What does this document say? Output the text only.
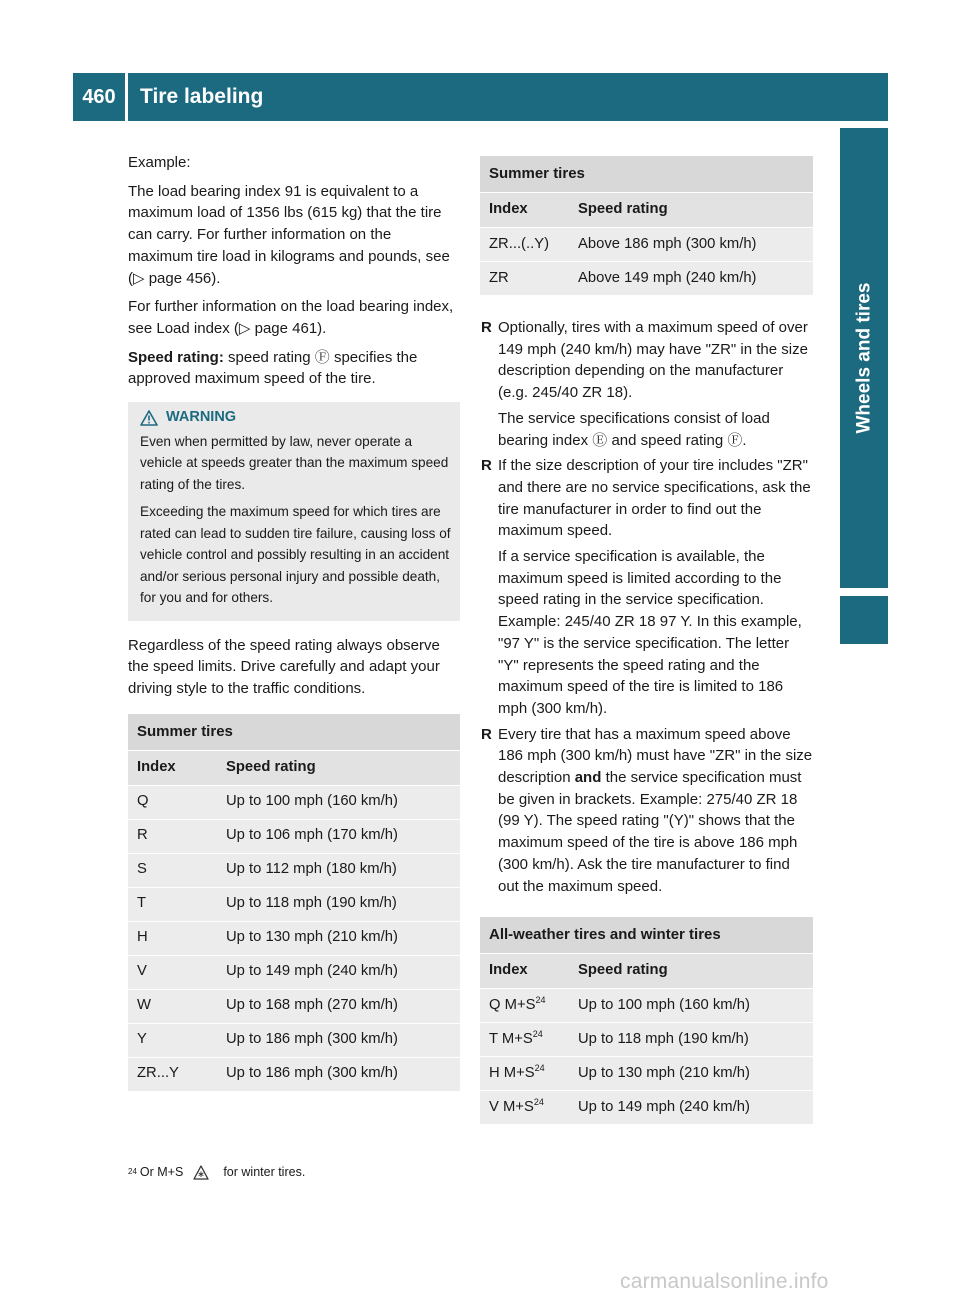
460	Tire labeling
Wheels and tires

Example:

The load bearing index 91 is equivalent to a maximum load of 1356 lbs (615 kg) that the tire can carry. For further information on the maximum tire load in kilograms and pounds, see (▷ page 456).

For further information on the load bearing index, see Load index (▷ page 461).

Speed rating: speed rating Ⓕ specifies the approved maximum speed of the tire.

WARNING

Even when permitted by law, never operate a vehicle at speeds greater than the maximum speed rating of the tires.

Exceeding the maximum speed for which tires are rated can lead to sudden tire failure, causing loss of vehicle control and possibly resulting in an accident and/or serious personal injury and possible death, for you and for others.

Regardless of the speed rating always observe the speed limits. Drive carefully and adapt your driving style to the traffic conditions.

Summer tires	
Index	Speed rating
Q	Up to 100 mph (160 km/h)
R	Up to 106 mph (170 km/h)
S	Up to 112 mph (180 km/h)
T	Up to 118 mph (190 km/h)
H	Up to 130 mph (210 km/h)
V	Up to 149 mph (240 km/h)
W	Up to 168 mph (270 km/h)
Y	Up to 186 mph (300 km/h)
ZR...Y	Up to 186 mph (300 km/h)
Summer tires	
Index	Speed rating
ZR...(..Y)	Above 186 mph (300 km/h)
ZR	Above 149 mph (240 km/h)
R Optionally, tires with a maximum speed of over 149 mph (240 km/h) may have "ZR" in the size description depending on the manufacturer (e.g. 245/40 ZR 18).

The service specifications consist of load bearing index Ⓔ and speed rating Ⓕ.

R If the size description of your tire includes "ZR" and there are no service specifications, ask the tire manufacturer in order to find out the maximum speed.

If a service specification is available, the maximum speed is limited according to the speed rating in the service specification. Example: 245/40 ZR 18 97 Y. In this example, "97 Y" is the service specification. The letter "Y" represents the speed rating and the maximum speed of the tire is limited to 186 mph (300 km/h).

R Every tire that has a maximum speed above 186 mph (300 km/h) must have "ZR" in the size description and the service specification must be given in brackets. Example: 275/40 ZR 18 (99 Y). The speed rating "(Y)" shows that the maximum speed of the tire is above 186 mph (300 km/h). Ask the tire manufacturer to find out the maximum speed.

All-weather tires and winter tires	
Index	Speed rating
Q $M+S^{24}$	Up to 100 mph (160 km/h)
T $M+S^{24}$	Up to 118 mph (190 km/h)
H $M+S^{24}$	Up to 130 mph (210 km/h)
V $M+S^{24}$	Up to 149 mph (240 km/h)
24 Or M+S	for winter tires.
carmanualsonline.info
